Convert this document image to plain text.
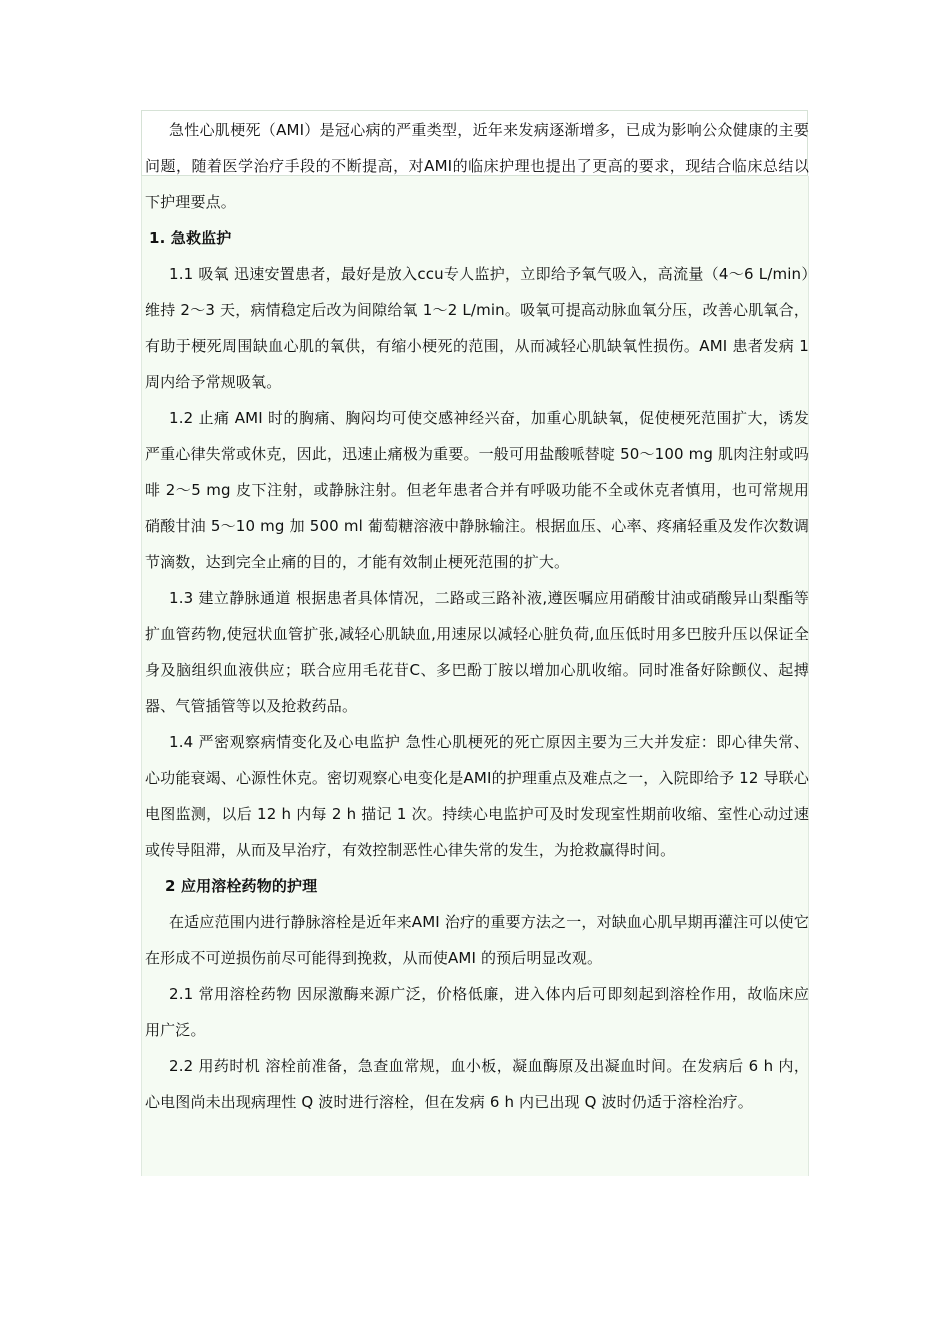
急性心肌梗死（AMI）是冠心病的严重类型，近年来发病逐渐增多，已成为影响公众健康的主要问题，随着医学治疗手段的不断提高，对AMI的临床护理也提出了更高的要求，现结合临床总结以下护理要点。

1. 急救监护

1.1 吸氧 迅速安置患者，最好是放入ccu专人监护，立即给予氧气吸入，高流量（4～6 L/min）维持 2～3 天，病情稳定后改为间隙给氧 1～2 L/min。吸氧可提高动脉血氧分压，改善心肌氧合，有助于梗死周围缺血心肌的氧供，有缩小梗死的范围，从而减轻心肌缺氧性损伤。AMI 患者发病 1 周内给予常规吸氧。

1.2 止痛 AMI 时的胸痛、胸闷均可使交感神经兴奋，加重心肌缺氧，促使梗死范围扩大，诱发严重心律失常或休克，因此，迅速止痛极为重要。一般可用盐酸哌替啶 50～100 mg 肌肉注射或吗啡 2～5 mg 皮下注射，或静脉注射。但老年患者合并有呼吸功能不全或休克者慎用，也可常规用硝酸甘油 5～10 mg 加 500 ml 葡萄糖溶液中静脉输注。根据血压、心率、疼痛轻重及发作次数调节滴数，达到完全止痛的目的，才能有效制止梗死范围的扩大。

1.3 建立静脉通道 根据患者具体情况，二路或三路补液,遵医嘱应用硝酸甘油或硝酸异山梨酯等扩血管药物,使冠状血管扩张,减轻心肌缺血,用速尿以减轻心脏负荷,血压低时用多巴胺升压以保证全身及脑组织血液供应；联合应用毛花苷C、多巴酚丁胺以增加心肌收缩。同时准备好除颤仪、起搏器、气管插管等以及抢救药品。

1.4 严密观察病情变化及心电监护 急性心肌梗死的死亡原因主要为三大并发症：即心律失常、心功能衰竭、心源性休克。密切观察心电变化是AMI的护理重点及难点之一，入院即给予 12 导联心电图监测，以后 12 h 内每 2 h 描记 1 次。持续心电监护可及时发现室性期前收缩、室性心动过速或传导阻滞，从而及早治疗，有效控制恶性心律失常的发生，为抢救赢得时间。

2 应用溶栓药物的护理

在适应范围内进行静脉溶栓是近年来AMI 治疗的重要方法之一，对缺血心肌早期再灌注可以使它在形成不可逆损伤前尽可能得到挽救，从而使AMI 的预后明显改观。

2.1 常用溶栓药物 因尿激酶来源广泛，价格低廉，进入体内后可即刻起到溶栓作用，故临床应用广泛。

2.2 用药时机 溶栓前准备，急查血常规，血小板，凝血酶原及出凝血时间。在发病后 6 h 内，心电图尚未出现病理性 Q 波时进行溶栓，但在发病 6 h 内已出现 Q 波时仍适于溶栓治疗。
